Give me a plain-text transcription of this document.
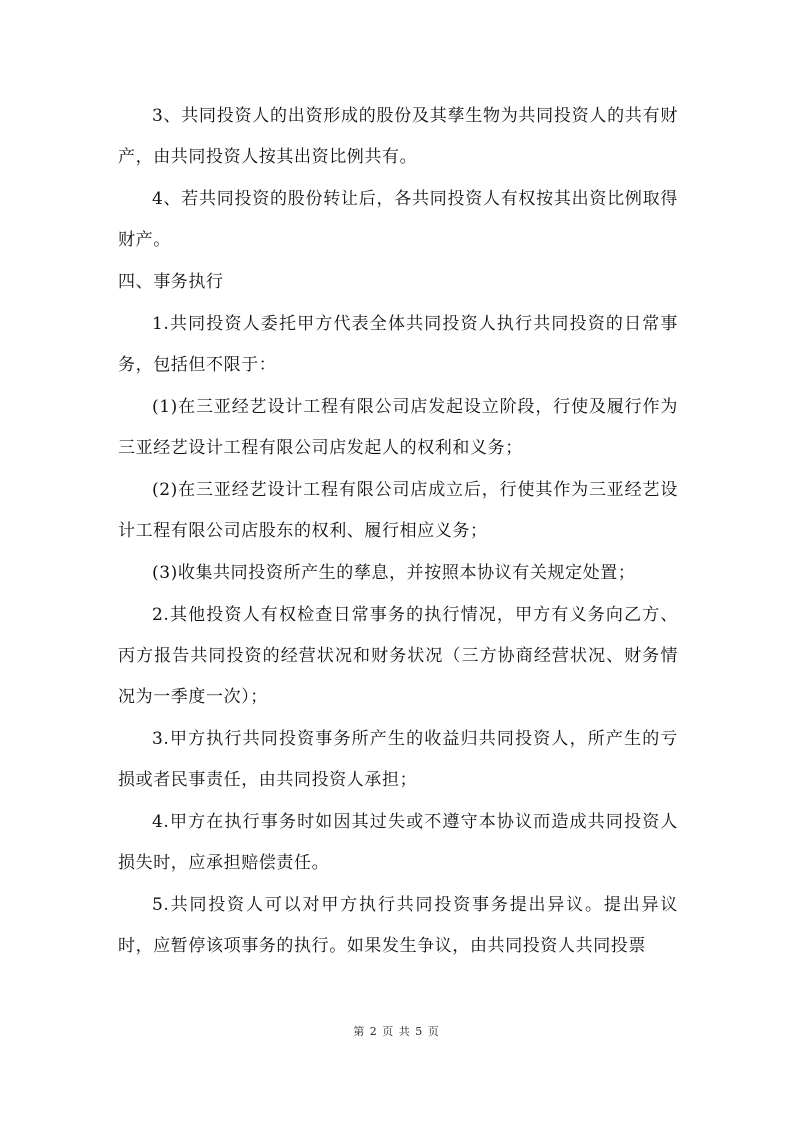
3、共同投资人的出资形成的股份及其孳生物为共同投资人的共有财产，由共同投资人按其出资比例共有。

4、若共同投资的股份转让后，各共同投资人有权按其出资比例取得财产。

四、事务执行

1.共同投资人委托甲方代表全体共同投资人执行共同投资的日常事务，包括但不限于：

(1)在三亚经艺设计工程有限公司店发起设立阶段，行使及履行作为三亚经艺设计工程有限公司店发起人的权利和义务；

(2)在三亚经艺设计工程有限公司店成立后，行使其作为三亚经艺设计工程有限公司店股东的权利、履行相应义务；

(3)收集共同投资所产生的孳息，并按照本协议有关规定处置；

2.其他投资人有权检查日常事务的执行情况，甲方有义务向乙方、丙方报告共同投资的经营状况和财务状况（三方协商经营状况、财务情况为一季度一次）；

3.甲方执行共同投资事务所产生的收益归共同投资人，所产生的亏损或者民事责任，由共同投资人承担；

4.甲方在执行事务时如因其过失或不遵守本协议而造成共同投资人损失时，应承担赔偿责任。

5.共同投资人可以对甲方执行共同投资事务提出异议。提出异议时，应暂停该项事务的执行。如果发生争议，由共同投资人共同投票

第 2 页 共 5 页
